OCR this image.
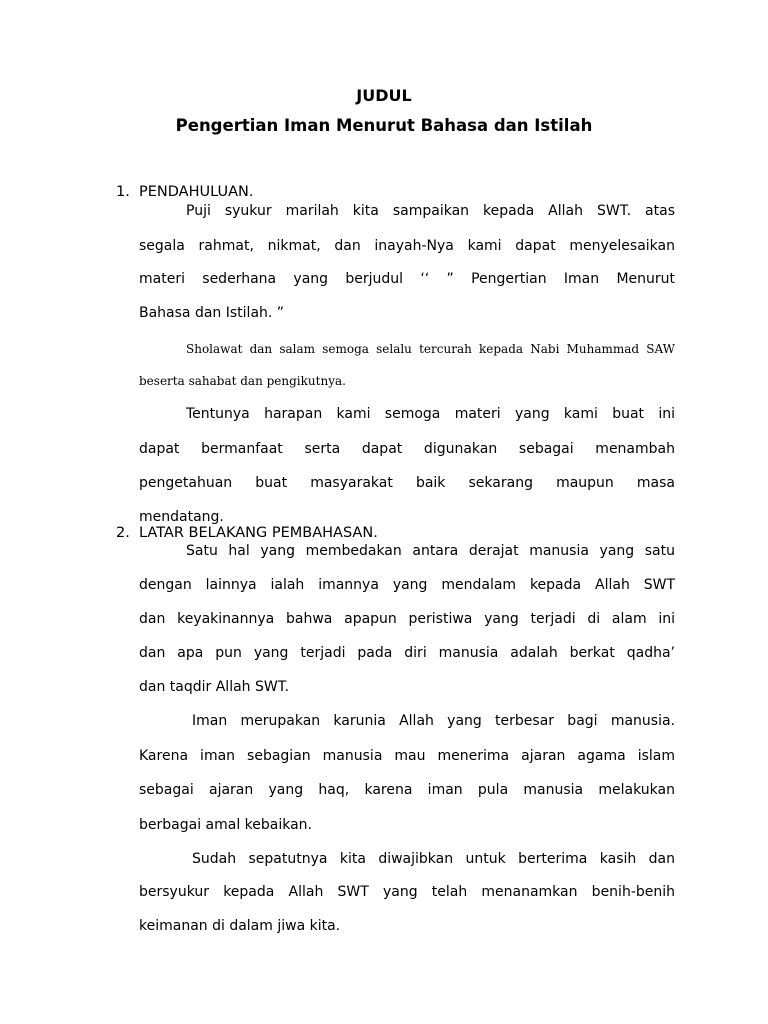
JUDUL
Pengertian Iman Menurut Bahasa dan Istilah
1. PENDAHULUAN.
Puji syukur marilah kita sampaikan kepada Allah SWT. atas
segala rahmat, nikmat, dan inayah-Nya kami dapat menyelesaikan
materi sederhana yang berjudul ‘‘ ” Pengertian Iman Menurut
Bahasa dan Istilah. ”
Sholawat dan salam semoga selalu tercurah kepada Nabi Muhammad SAW
beserta sahabat dan pengikutnya.
Tentunya harapan kami semoga materi yang kami buat ini
dapat bermanfaat serta dapat digunakan sebagai menambah
pengetahuan buat masyarakat baik sekarang maupun masa
mendatang.
2. LATAR BELAKANG PEMBAHASAN.
Satu hal yang membedakan antara derajat manusia yang satu
dengan lainnya ialah imannya yang mendalam kepada Allah SWT
dan keyakinannya bahwa apapun peristiwa yang terjadi di alam ini
dan apa pun yang terjadi pada diri manusia adalah berkat qadha’
dan taqdir Allah SWT.
Iman merupakan karunia Allah yang terbesar bagi manusia.
Karena iman sebagian manusia mau menerima ajaran agama islam
sebagai ajaran yang haq, karena iman pula manusia melakukan
berbagai amal kebaikan.
Sudah sepatutnya kita diwajibkan untuk berterima kasih dan
bersyukur kepada Allah SWT yang telah menanamkan benih-benih
keimanan di dalam jiwa kita.
